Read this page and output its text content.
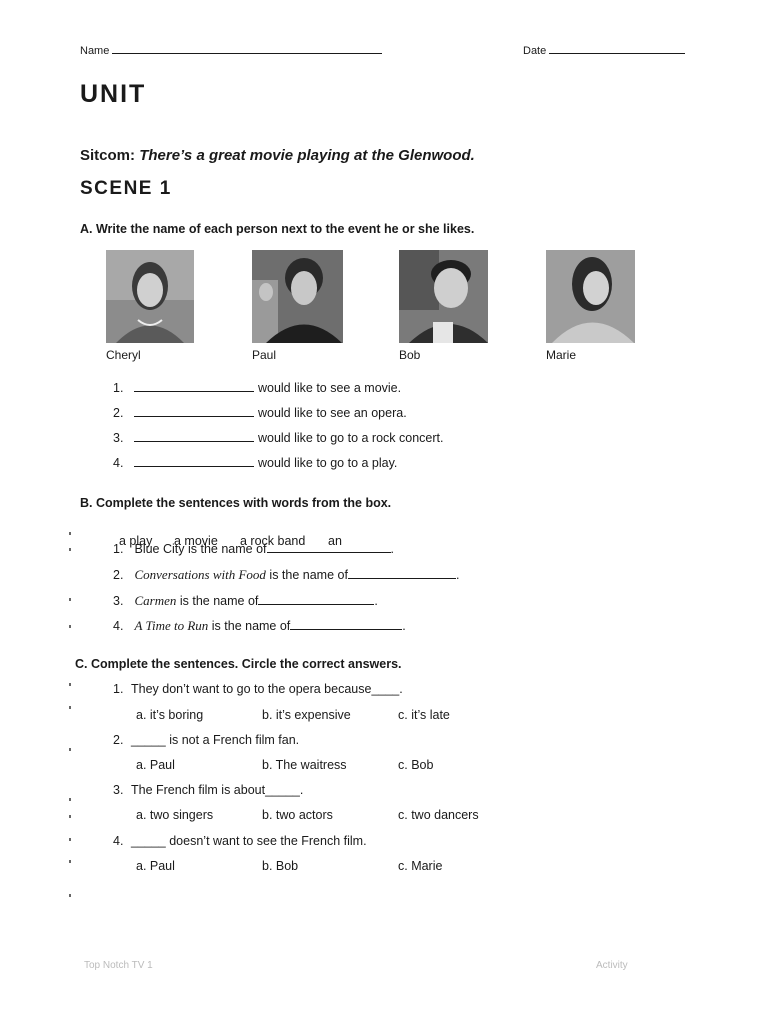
Name	Date
UNIT
Sitcom: There’s a great movie playing at the Glenwood.
SCENE 1
A. Write the name of each person next to the event he or she likes.
Cheryl	Paul	Bob	Marie
1.	would like to see a movie.
2.	would like to see an opera.
3.	would like to go to a rock concert.
4.	would like to go to a play.
B. Complete the sentences with words from the box.
a play a movie a rock band an
1. Blue City is the name of	.
2. Conversations with Food is the name of	.
3. Carmen is the name of	.
4. A Time to Run is the name of	.
C. Complete the sentences. Circle the correct answers.
1. They don’t want to go to the opera because____.
a. it’s boring	b. it’s expensive	c. it’s late
2. _____ is not a French film fan.
a. Paul	b. The waitress	c. Bob
3. The French film is about_____.
a. two singers	b. two actors	c. two dancers
4. _____ doesn’t want to see the French film.
a. Paul	b. Bob	c. Marie
Top Notch TV 1	Activity
